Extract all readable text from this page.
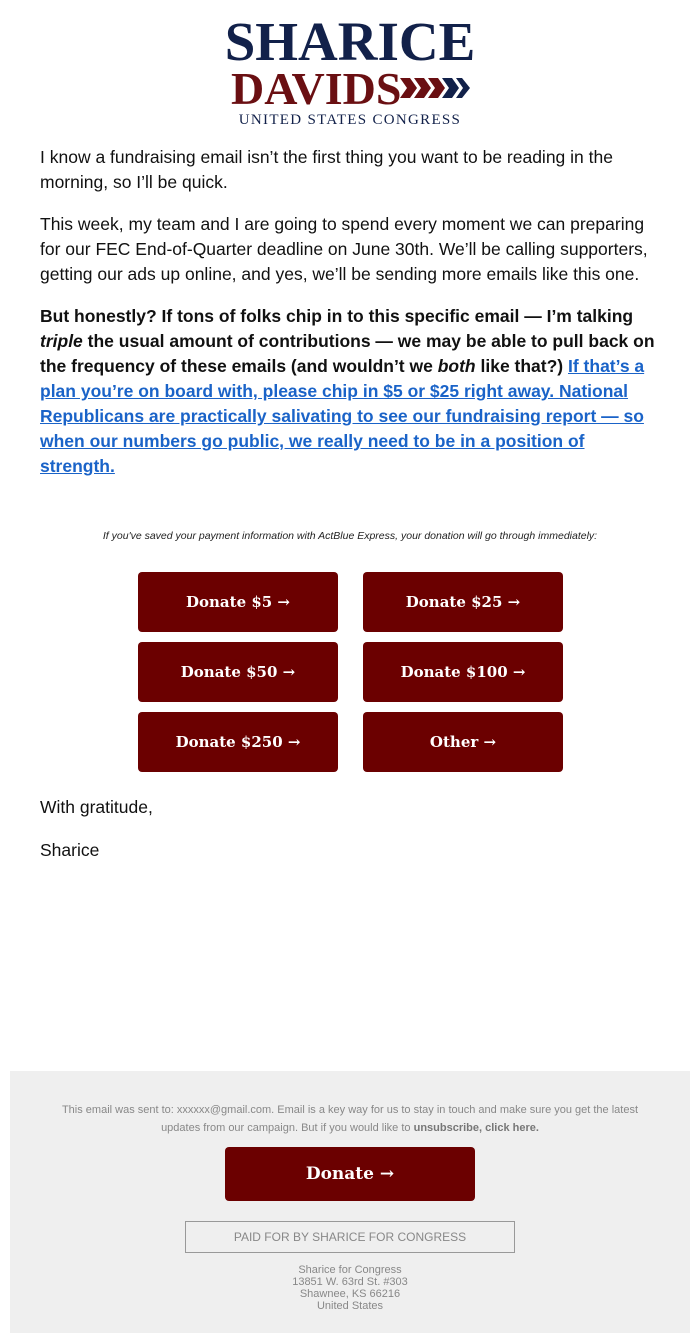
SHARICE
DAVIDS
UNITED STATES CONGRESS

I know a fundraising email isn’t the first thing you want to be reading in the morning, so I’ll be quick.

This week, my team and I are going to spend every moment we can preparing for our FEC End-of-Quarter deadline on June 30th. We’ll be calling supporters, getting our ads up online, and yes, we’ll be sending more emails like this one.

But honestly? If tons of folks chip in to this specific email — I’m talking triple the usual amount of contributions — we may be able to pull back on the frequency of these emails (and wouldn’t we both like that?) If that’s a plan you’re on board with, please chip in $5 or $25 right away. National Republicans are practically salivating to see our fundraising report — so when our numbers go public, we really need to be in a position of strength.

If you've saved your payment information with ActBlue Express, your donation will go through immediately:
Donate $5 →	Donate $25 →
Donate $50 →	Donate $100 →
Donate $250 →	Other →
With gratitude,
Sharice
This email was sent to: xxxxxx@gmail.com. Email is a key way for us to stay in touch and make sure you get the latest updates from our campaign. But if you would like to unsubscribe, click here.
Donate →
PAID FOR BY SHARICE FOR CONGRESS
Sharice for Congress
13851 W. 63rd St. #303
Shawnee, KS 66216
United States
